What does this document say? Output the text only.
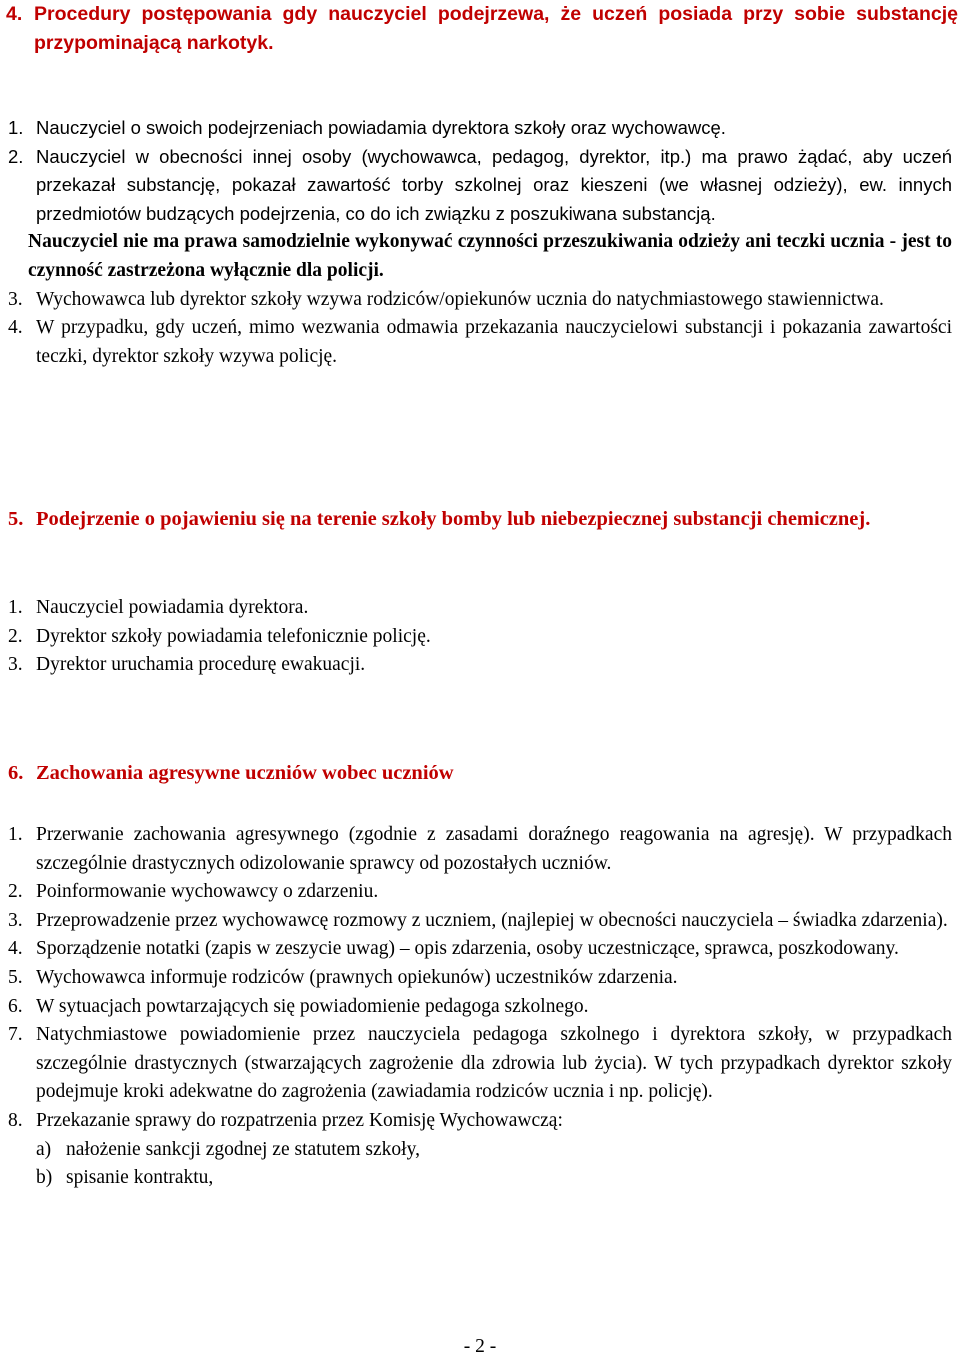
4. Procedury postępowania gdy nauczyciel podejrzewa, że uczeń posiada przy sobie substancję przypominającą narkotyk.
1. Nauczyciel o swoich podejrzeniach powiadamia dyrektora szkoły oraz wychowawcę.
2. Nauczyciel w obecności innej osoby (wychowawca, pedagog, dyrektor, itp.) ma prawo żądać, aby uczeń przekazał substancję, pokazał zawartość torby szkolnej oraz kieszeni (we własnej odzieży), ew. innych przedmiotów budzących podejrzenia, co do ich związku z poszukiwana substancją.
Nauczyciel nie ma prawa samodzielnie wykonywać czynności przeszukiwania odzieży ani teczki ucznia - jest to czynność zastrzeżona wyłącznie dla policji.
3. Wychowawca lub dyrektor szkoły wzywa rodziców/opiekunów ucznia do natychmiastowego stawiennictwa.
4. W przypadku, gdy uczeń, mimo wezwania odmawia przekazania nauczycielowi substancji i pokazania zawartości teczki, dyrektor szkoły wzywa policję.
5. Podejrzenie o pojawieniu się na terenie szkoły bomby lub niebezpiecznej substancji chemicznej.
1. Nauczyciel powiadamia dyrektora.
2. Dyrektor szkoły powiadamia telefonicznie policję.
3. Dyrektor uruchamia procedurę ewakuacji.
6. Zachowania agresywne uczniów wobec uczniów
1. Przerwanie zachowania agresywnego (zgodnie z zasadami doraźnego reagowania na agresję). W przypadkach szczególnie drastycznych odizolowanie sprawcy od pozostałych uczniów.
2. Poinformowanie wychowawcy o zdarzeniu.
3. Przeprowadzenie przez wychowawcę rozmowy z uczniem, (najlepiej w obecności nauczyciela – świadka zdarzenia).
4. Sporządzenie notatki (zapis w zeszycie uwag) – opis zdarzenia, osoby uczestniczące, sprawca, poszkodowany.
5. Wychowawca informuje rodziców (prawnych opiekunów) uczestników zdarzenia.
6. W sytuacjach powtarzających się powiadomienie pedagoga szkolnego.
7. Natychmiastowe powiadomienie przez nauczyciela pedagoga szkolnego i dyrektora szkoły, w przypadkach szczególnie drastycznych (stwarzających zagrożenie dla zdrowia lub życia). W tych przypadkach dyrektor szkoły podejmuje kroki adekwatne do zagrożenia (zawiadamia rodziców ucznia i np. policję).
8. Przekazanie sprawy do rozpatrzenia przez Komisję Wychowawczą:
a) nałożenie sankcji zgodnej ze statutem szkoły,
b) spisanie kontraktu,
- 2 -
